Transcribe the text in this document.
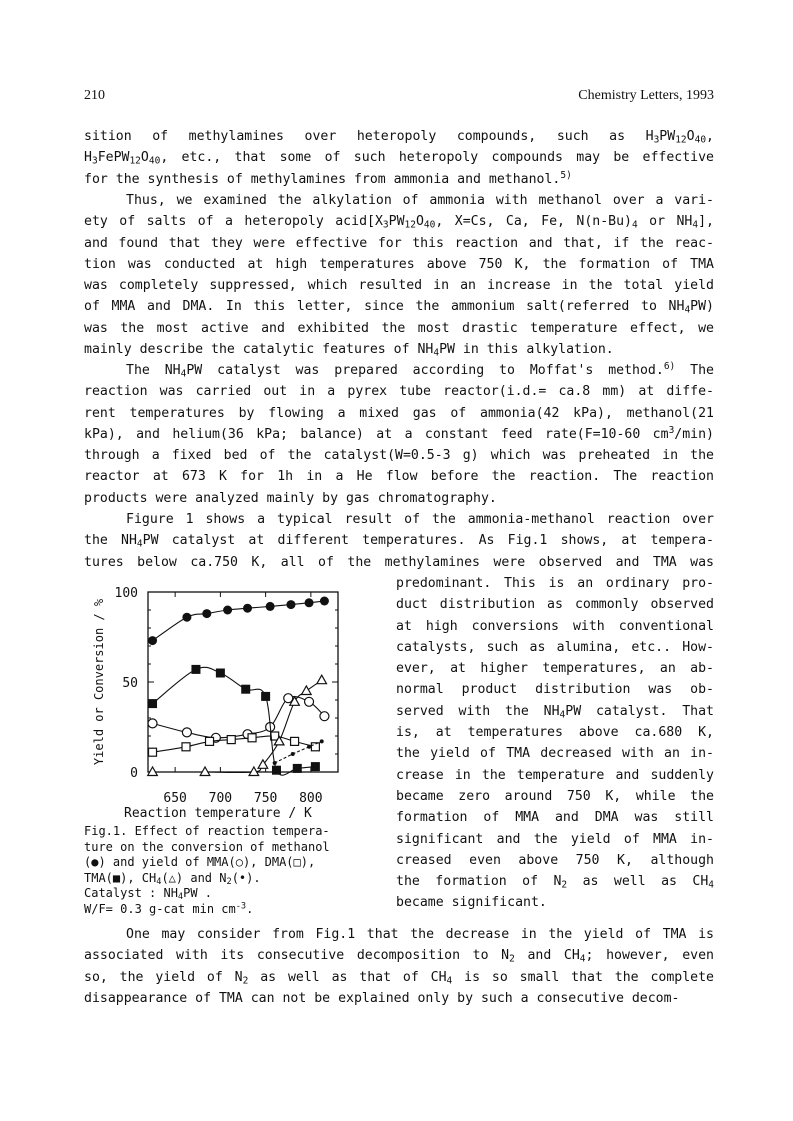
210	Chemistry Letters, 1993

sition of methylamines over heteropoly compounds, such as $H_3PW_{12}O_{40}$,
$H_3FePW_{12}O_{40}$, etc., that some of such heteropoly compounds may be effective
for the synthesis of methylamines from ammonia and methanol.$^{5)}$

Thus, we examined the alkylation of ammonia with methanol over a vari-
ety of salts of a heteropoly $acid[X_3PW_{12}O_{40}$, X=Cs, Ca, Fe, $N(n-Bu)_4$ or $NH_4$],
and found that they were effective for this reaction and that, if the reac-
tion was conducted at high temperatures above 750 K, the formation of TMA
was completely suppressed, which resulted in an increase in the total yield
of MMA and DMA. In this letter, since the ammonium salt(referred to $NH_4PW$)
was the most active and exhibited the most drastic temperature effect, we
mainly describe the catalytic features of $NH_4PW$ in this alkylation.

The $NH_4PW$ catalyst was prepared according to Moffat's method.$^{6)}$ The
reaction was carried out in a pyrex tube reactor(i.d.= ca.8 mm) at diffe-
rent temperatures by flowing a mixed gas of ammonia(42 kPa), methanol(21
kPa), and helium(36 kPa; balance) at a constant feed rate(F=10-60 $cm^3/\min$)
through a fixed bed of the catalyst(W=0.5-3 g) which was preheated in the
reactor at 673 K for 1h in a He flow before the reaction. The reaction
products were analyzed mainly by gas chromatography.

Figure 1 shows a typical result of the ammonia-methanol reaction over
the $NH_4PW$ catalyst at different temperatures. As Fig.1 shows, at tempera-
tures below ca.750 K, all of the methylamines were observed and TMA was

predominant. This is an ordinary pro-
duct distribution as commonly observed
at high conversions with conventional
catalysts, such as alumina, etc.. How-
ever, at higher temperatures, an ab-
normal product distribution was ob-
served with the $NH_4PW$ catalyst. That
is, at temperatures above ca.680 K,
the yield of TMA decreased with an in-
crease in the temperature and suddenly
became zero around 750 K, while the
formation of MMA and DMA was still
significant and the yield of MMA in-
creased even above 750 K, although
the formation of $N_2$ as well as $CH_4$
became significant.

650 700 750 800
0
50
100
Yield or Conversion / %
Reaction temperature / K

Fig.1. Effect of reaction tempera-
ture on the conversion of methanol
(●) and yield of MMA(○), DMA(□),
TMA(■), $CH_4(\triangle)$ and $N_2(•)$.
Catalyst : $NH_4PW$ .
W/F= 0.3 g-cat $\min cm^{-3}$.

One may consider from Fig.1 that the decrease in the yield of TMA is
associated with its consecutive decomposition to $N_2$ and $CH_4$; however, even
so, the yield of $N_2$ as well as that of $CH_4$ is so small that the complete
disappearance of TMA can not be explained only by such a consecutive decom-
